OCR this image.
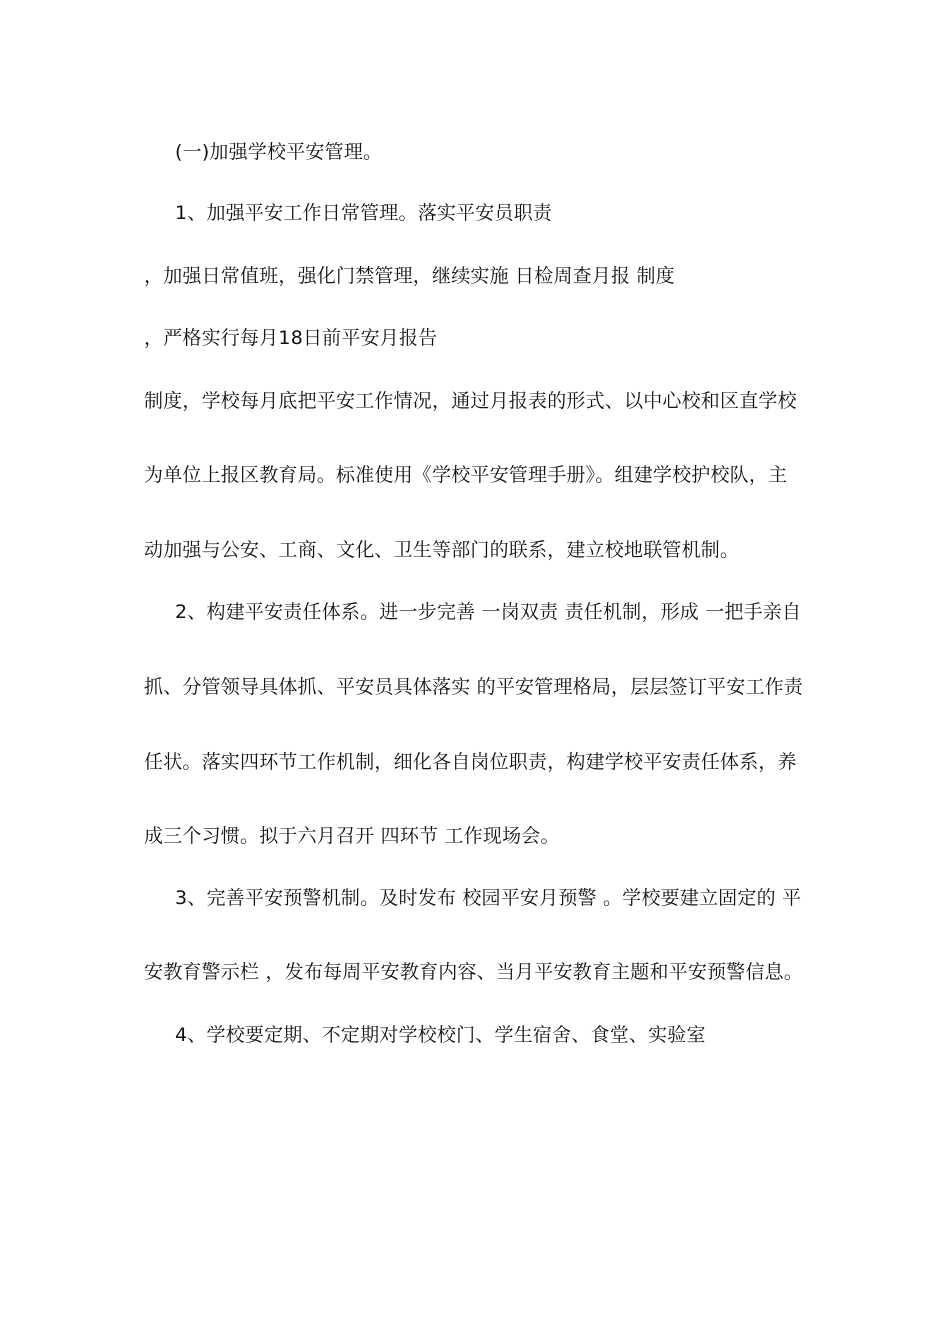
(一)加强学校平安管理。
1、加强平安工作日常管理。落实平安员职责
，加强日常值班，强化门禁管理，继续实施 日检周查月报 制度
，严格实行每月18日前平安月报告
制度，学校每月底把平安工作情况，通过月报表的形式、以中心校和区直学校
为单位上报区教育局。标准使用《学校平安管理手册》。组建学校护校队，主
动加强与公安、工商、文化、卫生等部门的联系，建立校地联管机制。
2、构建平安责任体系。进一步完善 一岗双责 责任机制，形成 一把手亲自
抓、分管领导具体抓、平安员具体落实 的平安管理格局，层层签订平安工作责
任状。落实四环节工作机制，细化各自岗位职责，构建学校平安责任体系，养
成三个习惯。拟于六月召开 四环节 工作现场会。
3、完善平安预警机制。及时发布 校园平安月预警 。学校要建立固定的 平
安教育警示栏 ，发布每周平安教育内容、当月平安教育主题和平安预警信息。
4、学校要定期、不定期对学校校门、学生宿舍、食堂、实验室
